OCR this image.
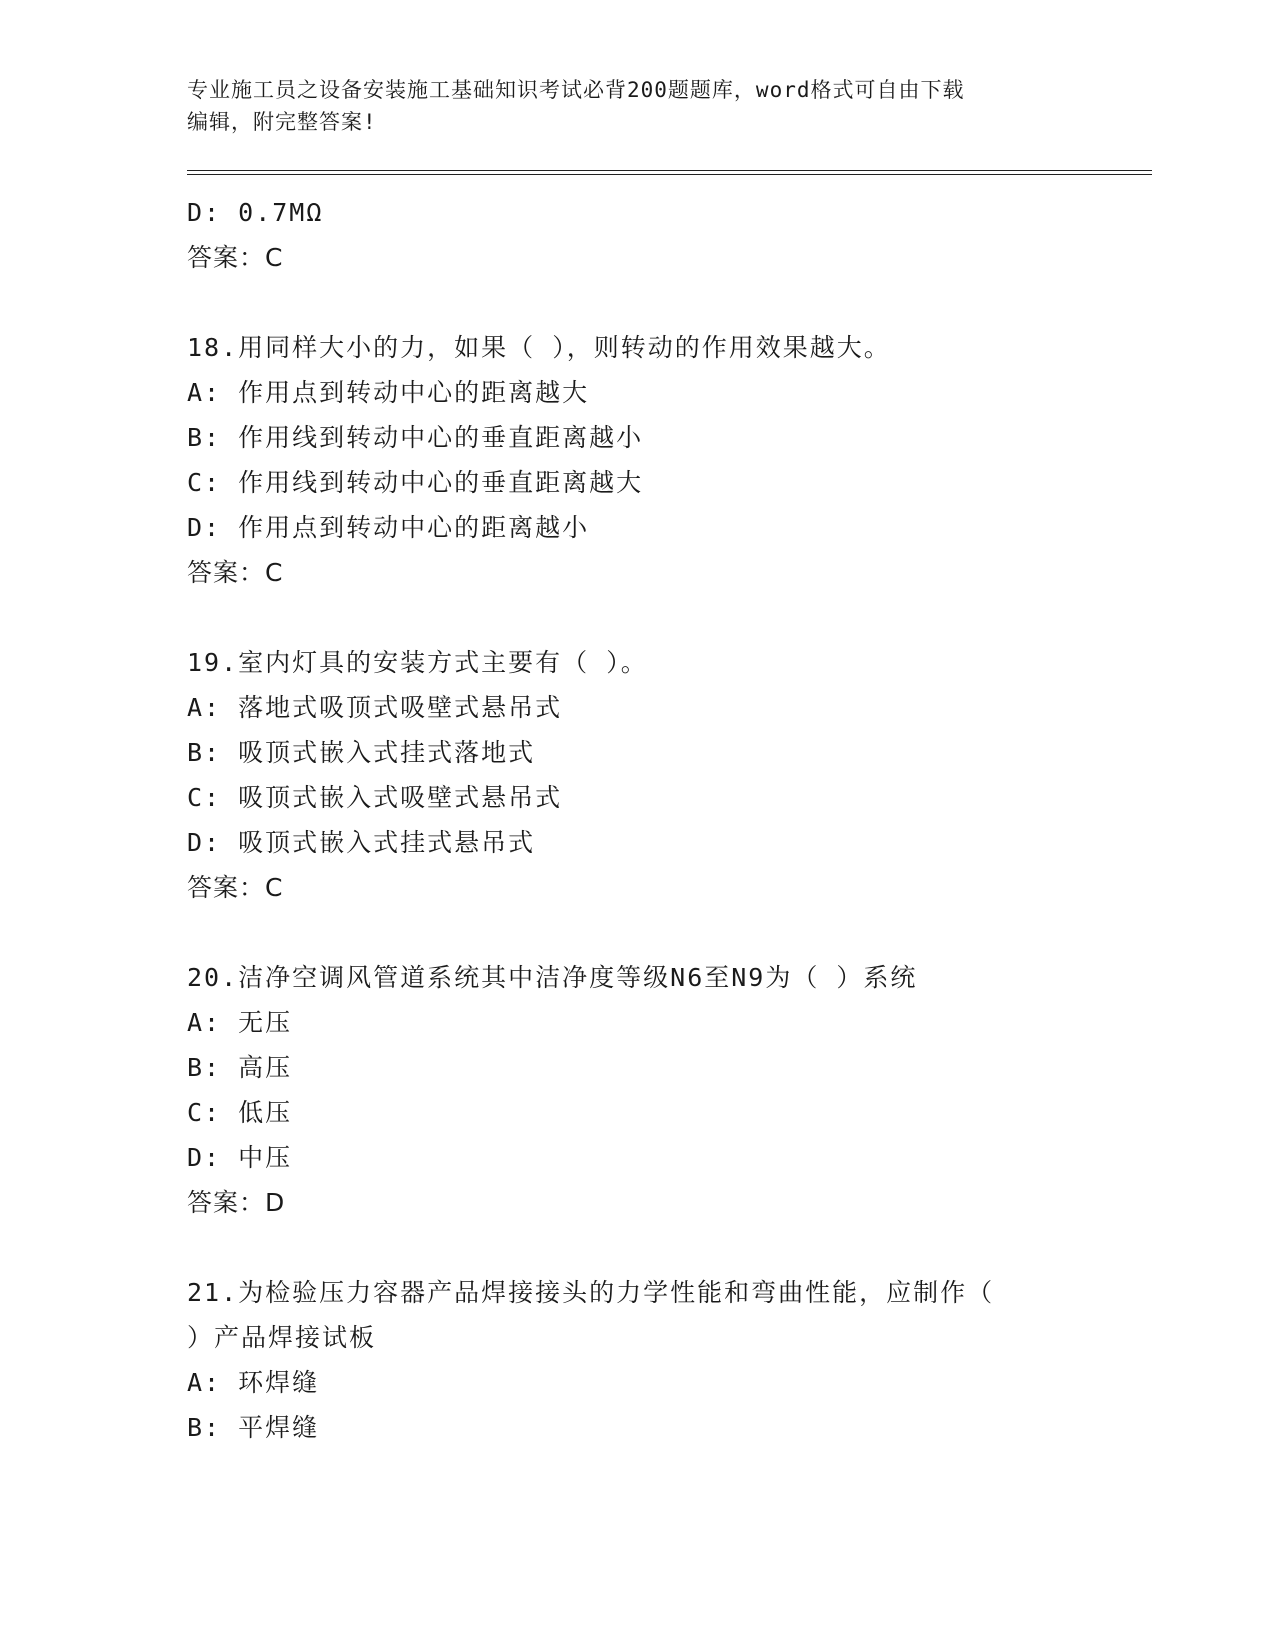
专业施工员之设备安装施工基础知识考试必背200题题库，word格式可自由下载
编辑，附完整答案!
D: 0.7MΩ
答案：C
18.用同样大小的力，如果（ ），则转动的作用效果越大。
A: 作用点到转动中心的距离越大
B: 作用线到转动中心的垂直距离越小
C: 作用线到转动中心的垂直距离越大
D: 作用点到转动中心的距离越小
答案：C
19.室内灯具的安装方式主要有（ ）。
A: 落地式吸顶式吸壁式悬吊式
B: 吸顶式嵌入式挂式落地式
C: 吸顶式嵌入式吸壁式悬吊式
D: 吸顶式嵌入式挂式悬吊式
答案：C
20.洁净空调风管道系统其中洁净度等级N6至N9为（ ）系统
A: 无压
B: 高压
C: 低压
D: 中压
答案：D
21.为检验压力容器产品焊接接头的力学性能和弯曲性能，应制作（
）产品焊接试板
A: 环焊缝
B: 平焊缝
